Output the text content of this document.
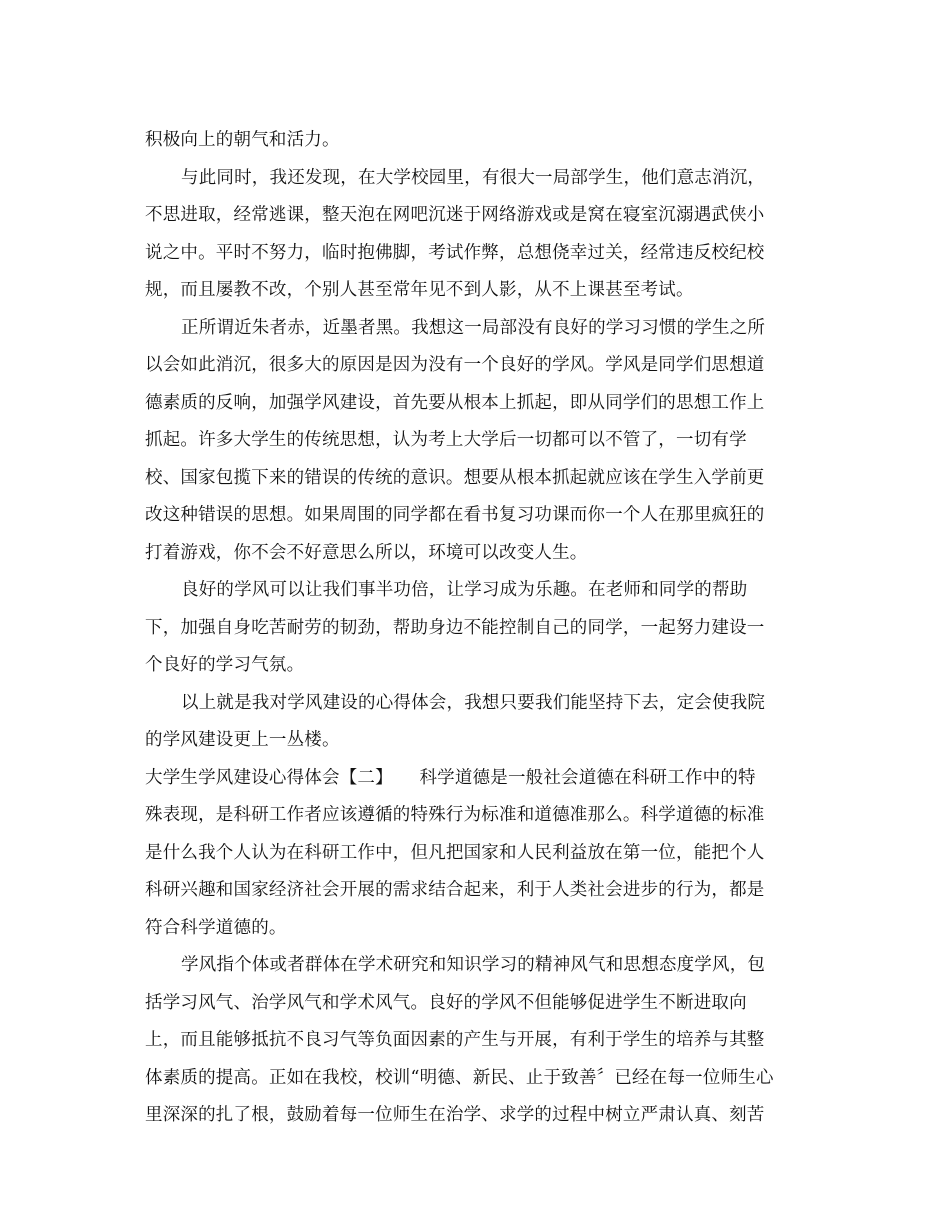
积极向上的朝气和活力。
与此同时，我还发现，在大学校园里，有很大一局部学生，他们意志消沉，
不思进取，经常逃课，整天泡在网吧沉迷于网络游戏或是窝在寝室沉溺遇武侠小
说之中。平时不努力，临时抱佛脚，考试作弊，总想侥幸过关，经常违反校纪校
规，而且屡教不改，个别人甚至常年见不到人影，从不上课甚至考试。
正所谓近朱者赤，近墨者黑。我想这一局部没有良好的学习习惯的学生之所
以会如此消沉，很多大的原因是因为没有一个良好的学风。学风是同学们思想道
德素质的反响，加强学风建设，首先要从根本上抓起，即从同学们的思想工作上
抓起。许多大学生的传统思想，认为考上大学后一切都可以不管了，一切有学
校、国家包揽下来的错误的传统的意识。想要从根本抓起就应该在学生入学前更
改这种错误的思想。如果周围的同学都在看书复习功课而你一个人在那里疯狂的
打着游戏，你不会不好意思么所以，环境可以改变人生。
良好的学风可以让我们事半功倍，让学习成为乐趣。在老师和同学的帮助
下，加强自身吃苦耐劳的韧劲，帮助身边不能控制自己的同学，一起努力建设一
个良好的学习气氛。
以上就是我对学风建设的心得体会，我想只要我们能坚持下去，定会使我院
的学风建设更上一丛楼。
大学生学风建设心得体会【二】　　科学道德是一般社会道德在科研工作中的特
殊表现，是科研工作者应该遵循的特殊行为标准和道德准那么。科学道德的标准
是什么我个人认为在科研工作中，但凡把国家和人民利益放在第一位，能把个人
科研兴趣和国家经济社会开展的需求结合起来，利于人类社会进步的行为，都是
符合科学道德的。
学风指个体或者群体在学术研究和知识学习的精神风气和思想态度学风，包
括学习风气、治学风气和学术风气。良好的学风不但能够促进学生不断进取向
上，而且能够抵抗不良习气等负面因素的产生与开展，有利于学生的培养与其整
体素质的提高。正如在我校，校训“明德、新民、止于致善〞已经在每一位师生心
里深深的扎了根，鼓励着每一位师生在治学、求学的过程中树立严肃认真、刻苦
